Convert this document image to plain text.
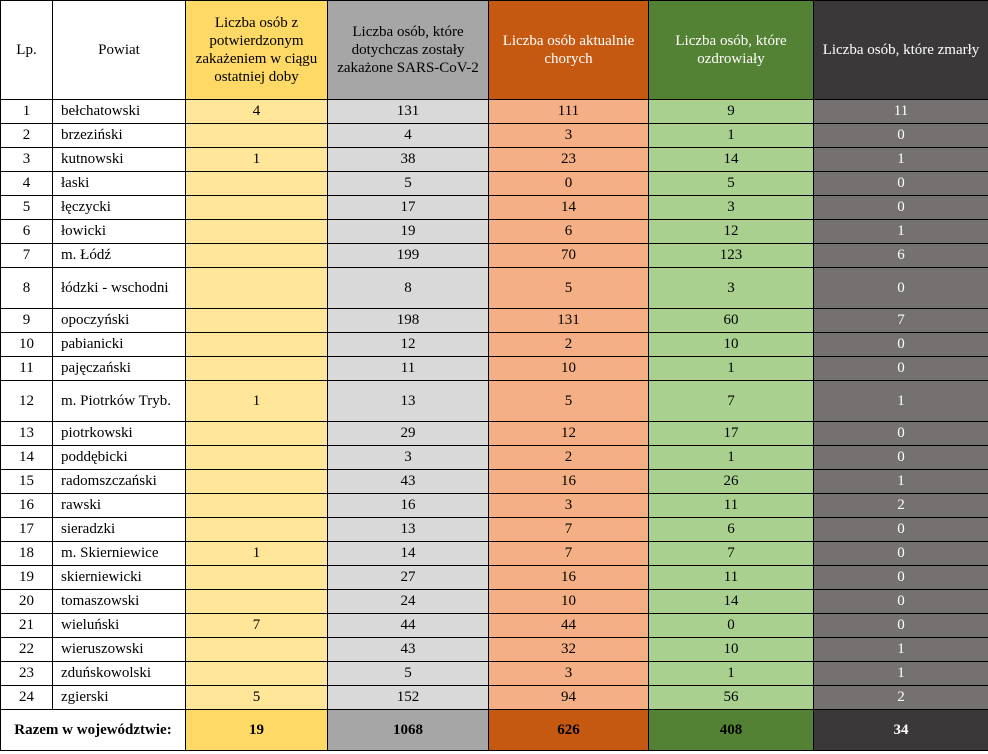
Lp.	Powiat	Liczba osób z potwierdzonym zakażeniem w ciągu ostatniej doby	Liczba osób, które dotychczas zostały zakażone SARS-CoV-2	Liczba osób aktualnie chorych	Liczba osób, które ozdrowiały	Liczba osób, które zmarły
1	bełchatowski	4	131	111	9	11
2	brzeziński		4	3	1	0
3	kutnowski	1	38	23	14	1
4	łaski		5	0	5	0
5	łęczycki		17	14	3	0
6	łowicki		19	6	12	1
7	m. Łódź		199	70	123	6
8	łódzki - wschodni		8	5	3	0
9	opoczyński		198	131	60	7
10	pabianicki		12	2	10	0
11	pajęczański		11	10	1	0
12	m. Piotrków Tryb.	1	13	5	7	1
13	piotrkowski		29	12	17	0
14	poddębicki		3	2	1	0
15	radomszczański		43	16	26	1
16	rawski		16	3	11	2
17	sieradzki		13	7	6	0
18	m. Skierniewice	1	14	7	7	0
19	skierniewicki		27	16	11	0
20	tomaszowski		24	10	14	0
21	wieluński	7	44	44	0	0
22	wieruszowski		43	32	10	1
23	zduńskowolski		5	3	1	1
24	zgierski	5	152	94	56	2
Razem w województwie:		19	1068	626	408	34
